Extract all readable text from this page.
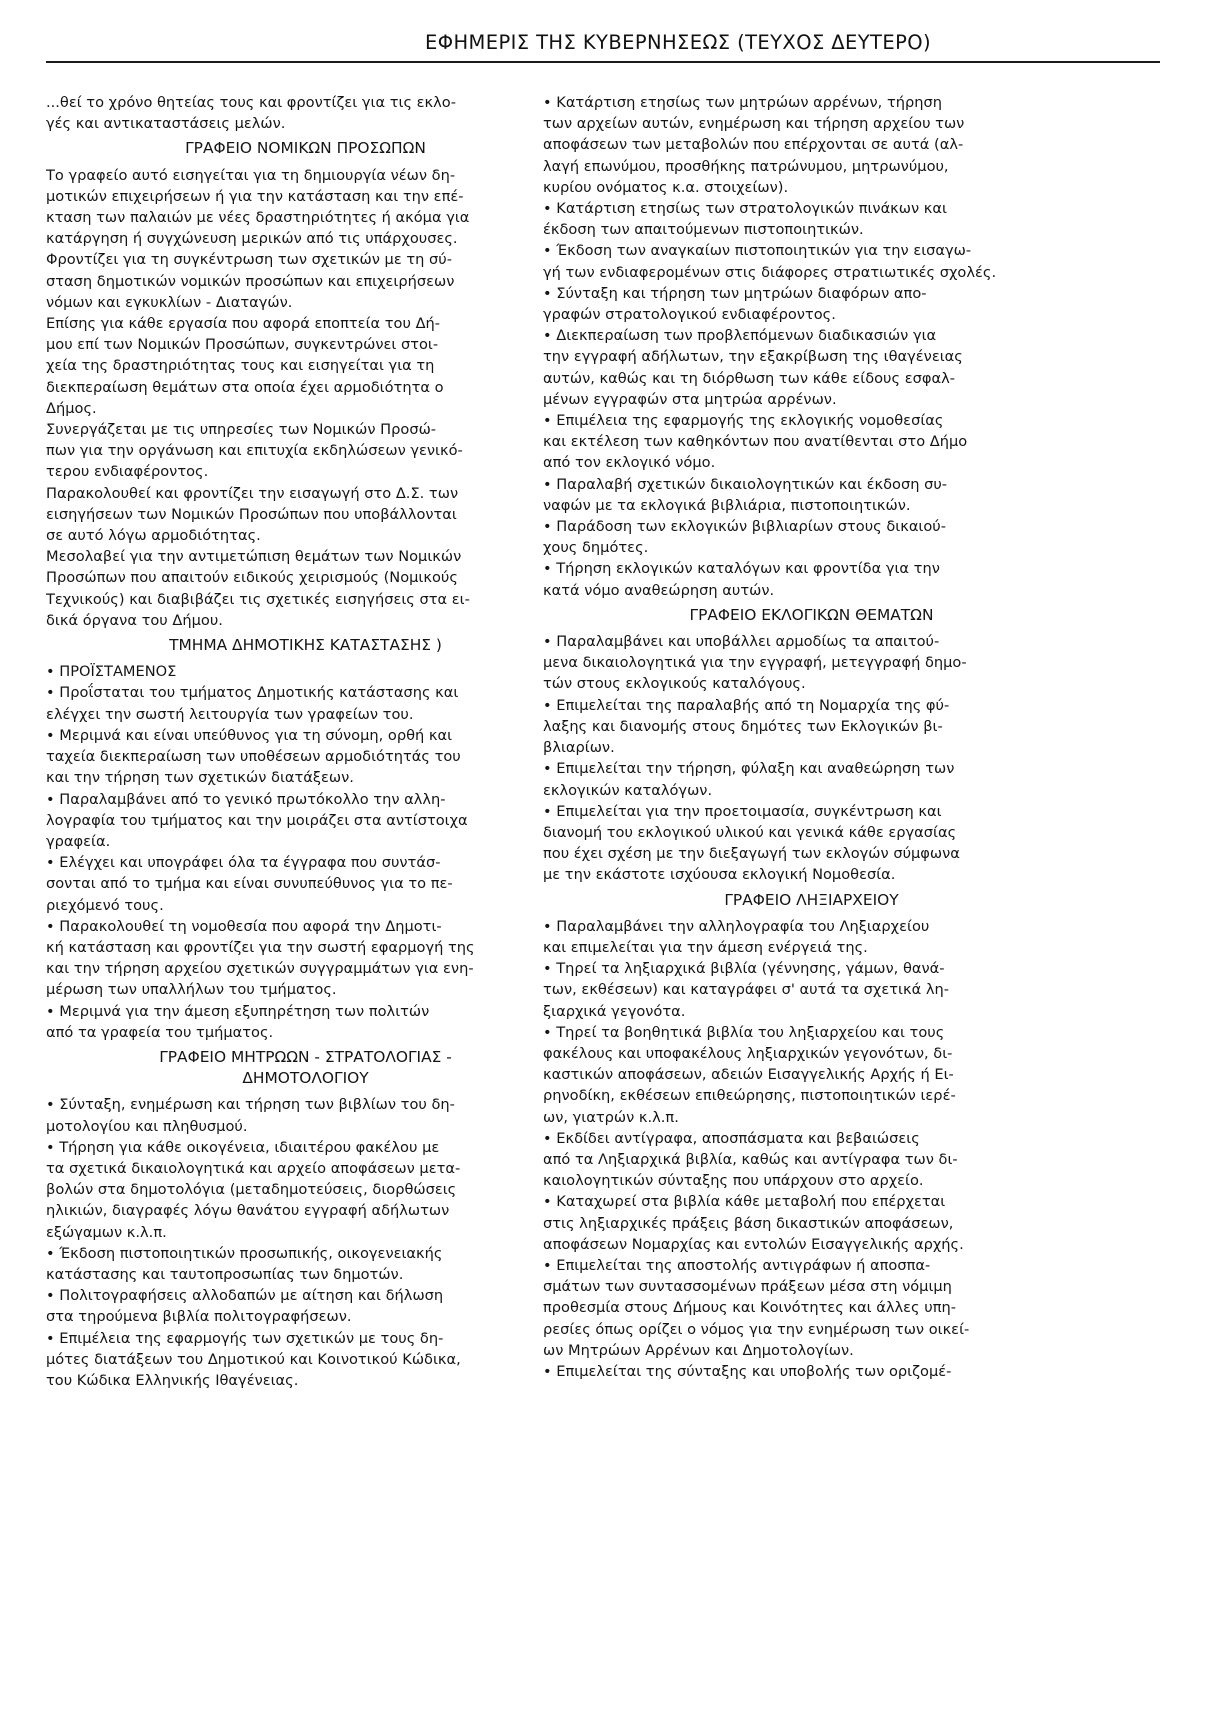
ΕΦΗΜΕΡΙΣ ΤΗΣ ΚΥΒΕΡΝΗΣΕΩΣ (ΤΕΥΧΟΣ ΔΕΥΤΕΡΟ)

...θεί το χρόνο θητείας τους και φροντίζει για τις εκλο-

γές και αντικαταστάσεις μελών.

ΓΡΑΦΕΙΟ ΝΟΜΙΚΩΝ ΠΡΟΣΩΠΩΝ

Το γραφείο αυτό εισηγείται για τη δημιουργία νέων δη-

μοτικών επιχειρήσεων ή για την κατάσταση και την επέ-

κταση των παλαιών με νέες δραστηριότητες ή ακόμα για

κατάργηση ή συγχώνευση μερικών από τις υπάρχουσες.

Φροντίζει για τη συγκέντρωση των σχετικών με τη σύ-

σταση δημοτικών νομικών προσώπων και επιχειρήσεων

νόμων και εγκυκλίων - Διαταγών.

Επίσης για κάθε εργασία που αφορά εποπτεία του Δή-

μου επί των Νομικών Προσώπων, συγκεντρώνει στοι-

χεία της δραστηριότητας τους και εισηγείται για τη

διεκπεραίωση θεμάτων στα οποία έχει αρμοδιότητα ο

Δήμος.

Συνεργάζεται με τις υπηρεσίες των Νομικών Προσώ-

πων για την οργάνωση και επιτυχία εκδηλώσεων γενικό-

τερου ενδιαφέροντος.

Παρακολουθεί και φροντίζει την εισαγωγή στο Δ.Σ. των

εισηγήσεων των Νομικών Προσώπων που υποβάλλονται

σε αυτό λόγω αρμοδιότητας.

Μεσολαβεί για την αντιμετώπιση θεμάτων των Νομικών

Προσώπων που απαιτούν ειδικούς χειρισμούς (Νομικούς

Τεχνικούς) και διαβιβάζει τις σχετικές εισηγήσεις στα ει-

δικά όργανα του Δήμου.

ΤΜΗΜΑ ΔΗΜΟΤΙΚΗΣ ΚΑΤΑΣΤΑΣΗΣ )

• ΠΡΟΪΣΤΑΜΕΝΟΣ

• Προΐσταται του τμήματος Δημοτικής κατάστασης και

ελέγχει την σωστή λειτουργία των γραφείων του.

• Μεριμνά και είναι υπεύθυνος για τη σύνομη, ορθή και

ταχεία διεκπεραίωση των υποθέσεων αρμοδιότητάς του

και την τήρηση των σχετικών διατάξεων.

• Παραλαμβάνει από το γενικό πρωτόκολλο την αλλη-

λογραφία του τμήματος και την μοιράζει στα αντίστοιχα

γραφεία.

• Ελέγχει και υπογράφει όλα τα έγγραφα που συντάσ-

σονται από το τμήμα και είναι συνυπεύθυνος για το πε-

ριεχόμενό τους.

• Παρακολουθεί τη νομοθεσία που αφορά την Δημοτι-

κή κατάσταση και φροντίζει για την σωστή εφαρμογή της

και την τήρηση αρχείου σχετικών συγγραμμάτων για ενη-

μέρωση των υπαλλήλων του τμήματος.

• Μεριμνά για την άμεση εξυπηρέτηση των πολιτών

από τα γραφεία του τμήματος.

ΓΡΑΦΕΙΟ ΜΗΤΡΩΩΝ - ΣΤΡΑΤΟΛΟΓΙΑΣ -

ΔΗΜΟΤΟΛΟΓΙΟΥ

• Σύνταξη, ενημέρωση και τήρηση των βιβλίων του δη-

μοτολογίου και πληθυσμού.

• Τήρηση για κάθε οικογένεια, ιδιαιτέρου φακέλου με

τα σχετικά δικαιολογητικά και αρχείο αποφάσεων μετα-

βολών στα δημοτολόγια (μεταδημοτεύσεις, διορθώσεις

ηλικιών, διαγραφές λόγω θανάτου εγγραφή αδήλωτων

εξώγαμων κ.λ.π.

• Έκδοση πιστοποιητικών προσωπικής, οικογενειακής

κατάστασης και ταυτοπροσωπίας των δημοτών.

• Πολιτογραφήσεις αλλοδαπών με αίτηση και δήλωση

στα τηρούμενα βιβλία πολιτογραφήσεων.

• Επιμέλεια της εφαρμογής των σχετικών με τους δη-

μότες διατάξεων του Δημοτικού και Κοινοτικού Κώδικα,

του Κώδικα Ελληνικής Ιθαγένειας.

• Κατάρτιση ετησίως των μητρώων αρρένων, τήρηση

των αρχείων αυτών, ενημέρωση και τήρηση αρχείου των

αποφάσεων των μεταβολών που επέρχονται σε αυτά (αλ-

λαγή επωνύμου, προσθήκης πατρώνυμου, μητρωνύμου,

κυρίου ονόματος κ.α. στοιχείων).

• Κατάρτιση ετησίως των στρατολογικών πινάκων και

έκδοση των απαιτούμενων πιστοποιητικών.

• Έκδοση των αναγκαίων πιστοποιητικών για την εισαγω-

γή των ενδιαφερομένων στις διάφορες στρατιωτικές σχολές.

• Σύνταξη και τήρηση των μητρώων διαφόρων απο-

γραφών στρατολογικού ενδιαφέροντος.

• Διεκπεραίωση των προβλεπόμενων διαδικασιών για

την εγγραφή αδήλωτων, την εξακρίβωση της ιθαγένειας

αυτών, καθώς και τη διόρθωση των κάθε είδους εσφαλ-

μένων εγγραφών στα μητρώα αρρένων.

• Επιμέλεια της εφαρμογής της εκλογικής νομοθεσίας

και εκτέλεση των καθηκόντων που ανατίθενται στο Δήμο

από τον εκλογικό νόμο.

• Παραλαβή σχετικών δικαιολογητικών και έκδοση συ-

ναφών με τα εκλογικά βιβλιάρια, πιστοποιητικών.

• Παράδοση των εκλογικών βιβλιαρίων στους δικαιού-

χους δημότες.

• Τήρηση εκλογικών καταλόγων και φροντίδα για την

κατά νόμο αναθεώρηση αυτών.

ΓΡΑΦΕΙΟ ΕΚΛΟΓΙΚΩΝ ΘΕΜΑΤΩΝ

• Παραλαμβάνει και υποβάλλει αρμοδίως τα απαιτού-

μενα δικαιολογητικά για την εγγραφή, μετεγγραφή δημο-

τών στους εκλογικούς καταλόγους.

• Επιμελείται της παραλαβής από τη Νομαρχία της φύ-

λαξης και διανομής στους δημότες των Εκλογικών βι-

βλιαρίων.

• Επιμελείται την τήρηση, φύλαξη και αναθεώρηση των

εκλογικών καταλόγων.

• Επιμελείται για την προετοιμασία, συγκέντρωση και

διανομή του εκλογικού υλικού και γενικά κάθε εργασίας

που έχει σχέση με την διεξαγωγή των εκλογών σύμφωνα

με την εκάστοτε ισχύουσα εκλογική Νομοθεσία.

ΓΡΑΦΕΙΟ ΛΗΞΙΑΡΧΕΙΟΥ

• Παραλαμβάνει την αλληλογραφία του Ληξιαρχείου

και επιμελείται για την άμεση ενέργειά της.

• Τηρεί τα ληξιαρχικά βιβλία (γέννησης, γάμων, θανά-

των, εκθέσεων) και καταγράφει σ' αυτά τα σχετικά λη-

ξιαρχικά γεγονότα.

• Τηρεί τα βοηθητικά βιβλία του ληξιαρχείου και τους

φακέλους και υποφακέλους ληξιαρχικών γεγονότων, δι-

καστικών αποφάσεων, αδειών Εισαγγελικής Αρχής ή Ει-

ρηνοδίκη, εκθέσεων επιθεώρησης, πιστοποιητικών ιερέ-

ων, γιατρών κ.λ.π.

• Εκδίδει αντίγραφα, αποσπάσματα και βεβαιώσεις

από τα Ληξιαρχικά βιβλία, καθώς και αντίγραφα των δι-

καιολογητικών σύνταξης που υπάρχουν στο αρχείο.

• Καταχωρεί στα βιβλία κάθε μεταβολή που επέρχεται

στις ληξιαρχικές πράξεις βάση δικαστικών αποφάσεων,

αποφάσεων Νομαρχίας και εντολών Εισαγγελικής αρχής.

• Επιμελείται της αποστολής αντιγράφων ή αποσπα-

σμάτων των συντασσομένων πράξεων μέσα στη νόμιμη

προθεσμία στους Δήμους και Κοινότητες και άλλες υπη-

ρεσίες όπως ορίζει ο νόμος για την ενημέρωση των οικεί-

ων Μητρώων Αρρένων και Δημοτολογίων.

• Επιμελείται της σύνταξης και υποβολής των οριζομέ-
